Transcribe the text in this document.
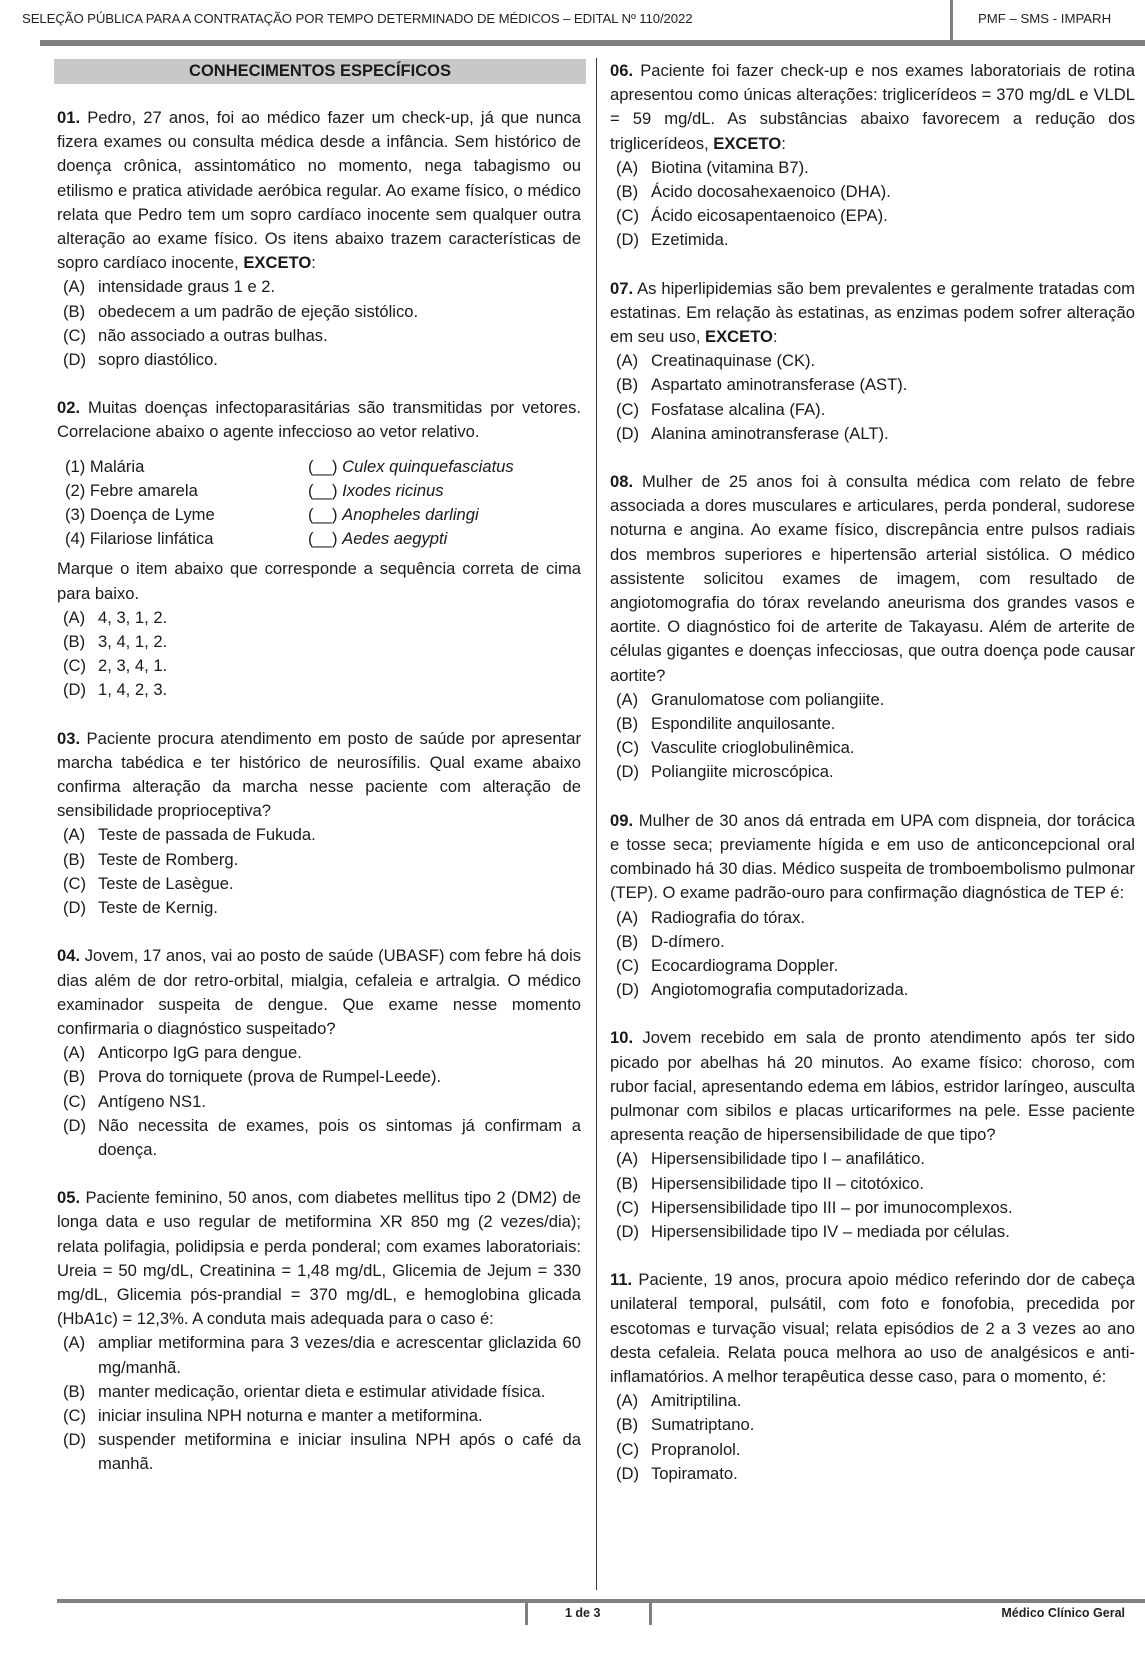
SELEÇÃO PÚBLICA PARA A CONTRATAÇÃO POR TEMPO DETERMINADO DE MÉDICOS – EDITAL Nº 110/2022	PMF – SMS - IMPARH
CONHECIMENTOS ESPECÍFICOS

01. Pedro, 27 anos, foi ao médico fazer um check-up, já que nunca fizera exames ou consulta médica desde a infância. Sem histórico de doença crônica, assintomático no momento, nega tabagismo ou etilismo e pratica atividade aeróbica regular. Ao exame físico, o médico relata que Pedro tem um sopro cardíaco inocente sem qualquer outra alteração ao exame físico. Os itens abaixo trazem características de sopro cardíaco inocente, EXCETO:

(A) intensidade graus 1 e 2.
(B) obedecem a um padrão de ejeção sistólico.
(C) não associado a outras bulhas.
(D) sopro diastólico.

02. Muitas doenças infectoparasitárias são transmitidas por vetores. Correlacione abaixo o agente infeccioso ao vetor relativo.

(1) Malária	(__) Culex quinquefasciatus
(2) Febre amarela	(__) Ixodes ricinus
(3) Doença de Lyme	(__) Anopheles darlingi
(4) Filariose linfática	(__) Aedes aegypti

Marque o item abaixo que corresponde a sequência correta de cima para baixo.

(A) 4, 3, 1, 2.
(B) 3, 4, 1, 2.
(C) 2, 3, 4, 1.
(D) 1, 4, 2, 3.

03. Paciente procura atendimento em posto de saúde por apresentar marcha tabédica e ter histórico de neurosífilis. Qual exame abaixo confirma alteração da marcha nesse paciente com alteração de sensibilidade proprioceptiva?

(A) Teste de passada de Fukuda.
(B) Teste de Romberg.
(C) Teste de Lasègue.
(D) Teste de Kernig.

04. Jovem, 17 anos, vai ao posto de saúde (UBASF) com febre há dois dias além de dor retro-orbital, mialgia, cefaleia e artralgia. O médico examinador suspeita de dengue. Que exame nesse momento confirmaria o diagnóstico suspeitado?

(A) Anticorpo IgG para dengue.
(B) Prova do torniquete (prova de Rumpel-Leede).
(C) Antígeno NS1.
(D) Não necessita de exames, pois os sintomas já confirmam a doença.

05. Paciente feminino, 50 anos, com diabetes mellitus tipo 2 (DM2) de longa data e uso regular de metiformina XR 850 mg (2 vezes/dia); relata polifagia, polidipsia e perda ponderal; com exames laboratoriais: Ureia = 50 mg/dL, Creatinina = 1,48 mg/dL, Glicemia de Jejum = 330 mg/dL, Glicemia pós-prandial = 370 mg/dL, e hemoglobina glicada (HbA1c) = 12,3%. A conduta mais adequada para o caso é:

(A) ampliar metiformina para 3 vezes/dia e acrescentar gliclazida 60 mg/manhã.
(B) manter medicação, orientar dieta e estimular atividade física.
(C) iniciar insulina NPH noturna e manter a metiformina.
(D) suspender metiformina e iniciar insulina NPH após o café da manhã.

06. Paciente foi fazer check-up e nos exames laboratoriais de rotina apresentou como únicas alterações: triglicerídeos = 370 mg/dL e VLDL = 59 mg/dL. As substâncias abaixo favorecem a redução dos triglicerídeos, EXCETO:

(A) Biotina (vitamina B7).
(B) Ácido docosahexaenoico (DHA).
(C) Ácido eicosapentaenoico (EPA).
(D) Ezetimida.

07. As hiperlipidemias são bem prevalentes e geralmente tratadas com estatinas. Em relação às estatinas, as enzimas podem sofrer alteração em seu uso, EXCETO:

(A) Creatinaquinase (CK).
(B) Aspartato aminotransferase (AST).
(C) Fosfatase alcalina (FA).
(D) Alanina aminotransferase (ALT).

08. Mulher de 25 anos foi à consulta médica com relato de febre associada a dores musculares e articulares, perda ponderal, sudorese noturna e angina. Ao exame físico, discrepância entre pulsos radiais dos membros superiores e hipertensão arterial sistólica. O médico assistente solicitou exames de imagem, com resultado de angiotomografia do tórax revelando aneurisma dos grandes vasos e aortite. O diagnóstico foi de arterite de Takayasu. Além de arterite de células gigantes e doenças infecciosas, que outra doença pode causar aortite?

(A) Granulomatose com poliangiite.
(B) Espondilite anquilosante.
(C) Vasculite crioglobulinêmica.
(D) Poliangiite microscópica.

09. Mulher de 30 anos dá entrada em UPA com dispneia, dor torácica e tosse seca; previamente hígida e em uso de anticoncepcional oral combinado há 30 dias. Médico suspeita de tromboembolismo pulmonar (TEP). O exame padrão-ouro para confirmação diagnóstica de TEP é:

(A) Radiografia do tórax.
(B) D-dímero.
(C) Ecocardiograma Doppler.
(D) Angiotomografia computadorizada.

10. Jovem recebido em sala de pronto atendimento após ter sido picado por abelhas há 20 minutos. Ao exame físico: choroso, com rubor facial, apresentando edema em lábios, estridor laríngeo, ausculta pulmonar com sibilos e placas urticariformes na pele. Esse paciente apresenta reação de hipersensibilidade de que tipo?

(A) Hipersensibilidade tipo I – anafilático.
(B) Hipersensibilidade tipo II – citotóxico.
(C) Hipersensibilidade tipo III – por imunocomplexos.
(D) Hipersensibilidade tipo IV – mediada por células.

11. Paciente, 19 anos, procura apoio médico referindo dor de cabeça unilateral temporal, pulsátil, com foto e fonofobia, precedida por escotomas e turvação visual; relata episódios de 2 a 3 vezes ao ano desta cefaleia. Relata pouca melhora ao uso de analgésicos e anti-inflamatórios. A melhor terapêutica desse caso, para o momento, é:

(A) Amitriptilina.
(B) Sumatriptano.
(C) Propranolol.
(D) Topiramato.
1 de 3	Médico Clínico Geral
